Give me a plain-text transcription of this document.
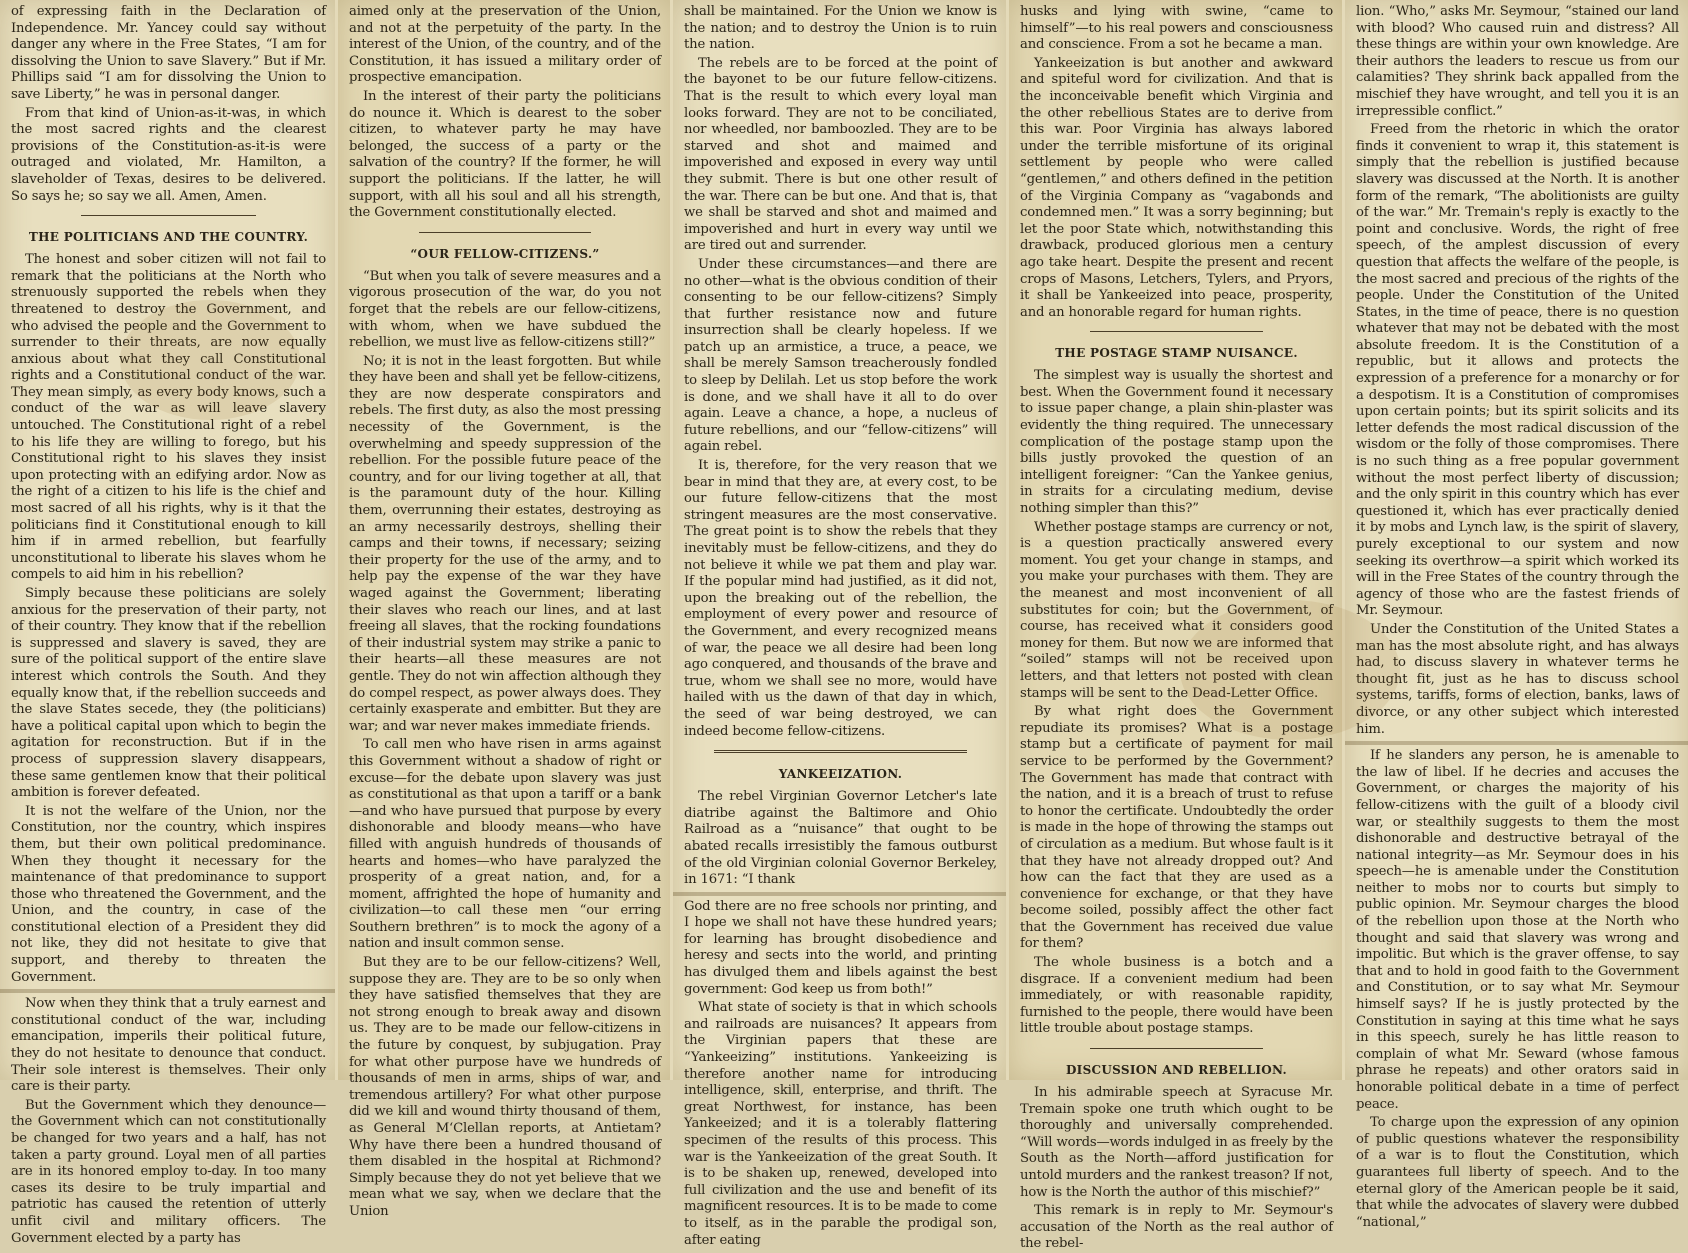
of expressing faith in the Declaration of Independence. Mr. Yancey could say without danger any where in the Free States, “I am for dissolving the Union to save Slavery.” But if Mr. Phillips said “I am for dissolving the Union to save Liberty,” he was in personal danger.

From that kind of Union-as-it-was, in which the most sacred rights and the clearest provisions of the Constitution-as-it-is were outraged and violated, Mr. Hamilton, a slaveholder of Texas, desires to be delivered. So says he; so say we all. Amen, Amen.

THE POLITICIANS AND THE COUNTRY.

The honest and sober citizen will not fail to remark that the politicians at the North who strenuously supported the rebels when they threatened to destroy the Government, and who advised the people and the Government to surrender to their threats, are now equally anxious about what they call Constitutional rights and a Constitutional conduct of the war. They mean simply, as every body knows, such a conduct of the war as will leave slavery untouched. The Constitutional right of a rebel to his life they are willing to forego, but his Constitutional right to his slaves they insist upon protecting with an edifying ardor. Now as the right of a citizen to his life is the chief and most sacred of all his rights, why is it that the politicians find it Constitutional enough to kill him if in armed rebellion, but fearfully unconstitutional to liberate his slaves whom he compels to aid him in his rebellion?

Simply because these politicians are solely anxious for the preservation of their party, not of their country. They know that if the rebellion is suppressed and slavery is saved, they are sure of the political support of the entire slave interest which controls the South. And they equally know that, if the rebellion succeeds and the slave States secede, they (the politicians) have a political capital upon which to begin the agitation for reconstruction. But if in the process of suppression slavery disappears, these same gentlemen know that their political ambition is forever defeated.

It is not the welfare of the Union, nor the Constitution, nor the country, which inspires them, but their own political predominance. When they thought it necessary for the maintenance of that predominance to support those who threatened the Government, and the Union, and the country, in case of the constitutional election of a President they did not like, they did not hesitate to give that support, and thereby to threaten the Government.

Now when they think that a truly earnest and constitutional conduct of the war, including emancipation, imperils their political future, they do not hesitate to denounce that conduct. Their sole interest is themselves. Their only care is their party.

But the Government which they denounce—the Government which can not constitutionally be changed for two years and a half, has not taken a party ground. Loyal men of all parties are in its honored employ to-day. In too many cases its desire to be truly impartial and patriotic has caused the retention of utterly unfit civil and military officers. The Government elected by a party has

aimed only at the preservation of the Union, and not at the perpetuity of the party. In the interest of the Union, of the country, and of the Constitution, it has issued a military order of prospective emancipation.

In the interest of their party the politicians do nounce it. Which is dearest to the sober citizen, to whatever party he may have belonged, the success of a party or the salvation of the country? If the former, he will support the politicians. If the latter, he will support, with all his soul and all his strength, the Government constitutionally elected.

“OUR FELLOW-CITIZENS.”

“But when you talk of severe measures and a vigorous prosecution of the war, do you not forget that the rebels are our fellow-citizens, with whom, when we have subdued the rebellion, we must live as fellow-citizens still?”

No; it is not in the least forgotten. But while they have been and shall yet be fellow-citizens, they are now desperate conspirators and rebels. The first duty, as also the most pressing necessity of the Government, is the overwhelming and speedy suppression of the rebellion. For the possible future peace of the country, and for our living together at all, that is the paramount duty of the hour. Killing them, overrunning their estates, destroying as an army necessarily destroys, shelling their camps and their towns, if necessary; seizing their property for the use of the army, and to help pay the expense of the war they have waged against the Government; liberating their slaves who reach our lines, and at last freeing all slaves, that the rocking foundations of their industrial system may strike a panic to their hearts—all these measures are not gentle. They do not win affection although they do compel respect, as power always does. They certainly exasperate and embitter. But they are war; and war never makes immediate friends.

To call men who have risen in arms against this Government without a shadow of right or excuse—for the debate upon slavery was just as constitutional as that upon a tariff or a bank—and who have pursued that purpose by every dishonorable and bloody means—who have filled with anguish hundreds of thousands of hearts and homes—who have paralyzed the prosperity of a great nation, and, for a moment, affrighted the hope of humanity and civilization—to call these men “our erring Southern brethren” is to mock the agony of a nation and insult common sense.

But they are to be our fellow-citizens? Well, suppose they are. They are to be so only when they have satisfied themselves that they are not strong enough to break away and disown us. They are to be made our fellow-citizens in the future by conquest, by subjugation. Pray for what other purpose have we hundreds of thousands of men in arms, ships of war, and tremendous artillery? For what other purpose did we kill and wound thirty thousand of them, as General M‘Clellan reports, at Antietam? Why have there been a hundred thousand of them disabled in the hospital at Richmond? Simply because they do not yet believe that we mean what we say, when we declare that the Union

shall be maintained. For the Union we know is the nation; and to destroy the Union is to ruin the nation.

The rebels are to be forced at the point of the bayonet to be our future fellow-citizens. That is the result to which every loyal man looks forward. They are not to be conciliated, nor wheedled, nor bamboozled. They are to be starved and shot and maimed and impoverished and exposed in every way until they submit. There is but one other result of the war. There can be but one. And that is, that we shall be starved and shot and maimed and impoverished and hurt in every way until we are tired out and surrender.

Under these circumstances—and there are no other—what is the obvious condition of their consenting to be our fellow-citizens? Simply that further resistance now and future insurrection shall be clearly hopeless. If we patch up an armistice, a truce, a peace, we shall be merely Samson treacherously fondled to sleep by Delilah. Let us stop before the work is done, and we shall have it all to do over again. Leave a chance, a hope, a nucleus of future rebellions, and our “fellow-citizens” will again rebel.

It is, therefore, for the very reason that we bear in mind that they are, at every cost, to be our future fellow-citizens that the most stringent measures are the most conservative. The great point is to show the rebels that they inevitably must be fellow-citizens, and they do not believe it while we pat them and play war. If the popular mind had justified, as it did not, upon the breaking out of the rebellion, the employment of every power and resource of the Government, and every recognized means of war, the peace we all desire had been long ago conquered, and thousands of the brave and true, whom we shall see no more, would have hailed with us the dawn of that day in which, the seed of war being destroyed, we can indeed become fellow-citizens.

YANKEEIZATION.

The rebel Virginian Governor Letcher's late diatribe against the Baltimore and Ohio Railroad as a “nuisance” that ought to be abated recalls irresistibly the famous outburst of the old Virginian colonial Governor Berkeley, in 1671: “I thank

God there are no free schools nor printing, and I hope we shall not have these hundred years; for learning has brought disobedience and heresy and sects into the world, and printing has divulged them and libels against the best government: God keep us from both!”

What state of society is that in which schools and railroads are nuisances? It appears from the Virginian papers that these are “Yankeeizing” institutions. Yankeeizing is therefore another name for introducing intelligence, skill, enterprise, and thrift. The great Northwest, for instance, has been Yankeeized; and it is a tolerably flattering specimen of the results of this process. This war is the Yankeeization of the great South. It is to be shaken up, renewed, developed into full civilization and the use and benefit of its magnificent resources. It is to be made to come to itself, as in the parable the prodigal son, after eating

husks and lying with swine, “came to himself”—to his real powers and consciousness and conscience. From a sot he became a man.

Yankeeization is but another and awkward and spiteful word for civilization. And that is the inconceivable benefit which Virginia and the other rebellious States are to derive from this war. Poor Virginia has always labored under the terrible misfortune of its original settlement by people who were called “gentlemen,” and others defined in the petition of the Virginia Company as “vagabonds and condemned men.” It was a sorry beginning; but let the poor State which, notwithstanding this drawback, produced glorious men a century ago take heart. Despite the present and recent crops of Masons, Letchers, Tylers, and Pryors, it shall be Yankeeized into peace, prosperity, and an honorable regard for human rights.

THE POSTAGE STAMP NUISANCE.

The simplest way is usually the shortest and best. When the Government found it necessary to issue paper change, a plain shin-plaster was evidently the thing required. The unnecessary complication of the postage stamp upon the bills justly provoked the question of an intelligent foreigner: “Can the Yankee genius, in straits for a circulating medium, devise nothing simpler than this?”

Whether postage stamps are currency or not, is a question practically answered every moment. You get your change in stamps, and you make your purchases with them. They are the meanest and most inconvenient of all substitutes for coin; but the Government, of course, has received what it considers good money for them. But now we are informed that “soiled” stamps will not be received upon letters, and that letters not posted with clean stamps will be sent to the Dead-Letter Office.

By what right does the Government repudiate its promises? What is a postage stamp but a certificate of payment for mail service to be performed by the Government? The Government has made that contract with the nation, and it is a breach of trust to refuse to honor the certificate. Undoubtedly the order is made in the hope of throwing the stamps out of circulation as a medium. But whose fault is it that they have not already dropped out? And how can the fact that they are used as a convenience for exchange, or that they have become soiled, possibly affect the other fact that the Government has received due value for them?

The whole business is a botch and a disgrace. If a convenient medium had been immediately, or with reasonable rapidity, furnished to the people, there would have been little trouble about postage stamps.

DISCUSSION AND REBELLION.

In his admirable speech at Syracuse Mr. Tremain spoke one truth which ought to be thoroughly and universally comprehended. “Will words—words indulged in as freely by the South as the North—afford justification for untold murders and the rankest treason? If not, how is the North the author of this mischief?”

This remark is in reply to Mr. Seymour's accusation of the North as the real author of the rebel-

lion. “Who,” asks Mr. Seymour, “stained our land with blood? Who caused ruin and distress? All these things are within your own knowledge. Are their authors the leaders to rescue us from our calamities? They shrink back appalled from the mischief they have wrought, and tell you it is an irrepressible conflict.”

Freed from the rhetoric in which the orator finds it convenient to wrap it, this statement is simply that the rebellion is justified because slavery was discussed at the North. It is another form of the remark, “The abolitionists are guilty of the war.” Mr. Tremain's reply is exactly to the point and conclusive. Words, the right of free speech, of the amplest discussion of every question that affects the welfare of the people, is the most sacred and precious of the rights of the people. Under the Constitution of the United States, in the time of peace, there is no question whatever that may not be debated with the most absolute freedom. It is the Constitution of a republic, but it allows and protects the expression of a preference for a monarchy or for a despotism. It is a Constitution of compromises upon certain points; but its spirit solicits and its letter defends the most radical discussion of the wisdom or the folly of those compromises. There is no such thing as a free popular government without the most perfect liberty of discussion; and the only spirit in this country which has ever questioned it, which has ever practically denied it by mobs and Lynch law, is the spirit of slavery, purely exceptional to our system and now seeking its overthrow—a spirit which worked its will in the Free States of the country through the agency of those who are the fastest friends of Mr. Seymour.

Under the Constitution of the United States a man has the most absolute right, and has always had, to discuss slavery in whatever terms he thought fit, just as he has to discuss school systems, tariffs, forms of election, banks, laws of divorce, or any other subject which interested him.

If he slanders any person, he is amenable to the law of libel. If he decries and accuses the Government, or charges the majority of his fellow-citizens with the guilt of a bloody civil war, or stealthily suggests to them the most dishonorable and destructive betrayal of the national integrity—as Mr. Seymour does in his speech—he is amenable under the Constitution neither to mobs nor to courts but simply to public opinion. Mr. Seymour charges the blood of the rebellion upon those at the North who thought and said that slavery was wrong and impolitic. But which is the graver offense, to say that and to hold in good faith to the Government and Constitution, or to say what Mr. Seymour himself says? If he is justly protected by the Constitution in saying at this time what he says in this speech, surely he has little reason to complain of what Mr. Seward (whose famous phrase he repeats) and other orators said in honorable political debate in a time of perfect peace.

To charge upon the expression of any opinion of public questions whatever the responsibility of a war is to flout the Constitution, which guarantees full liberty of speech. And to the eternal glory of the American people be it said, that while the advocates of slavery were dubbed “national,”
